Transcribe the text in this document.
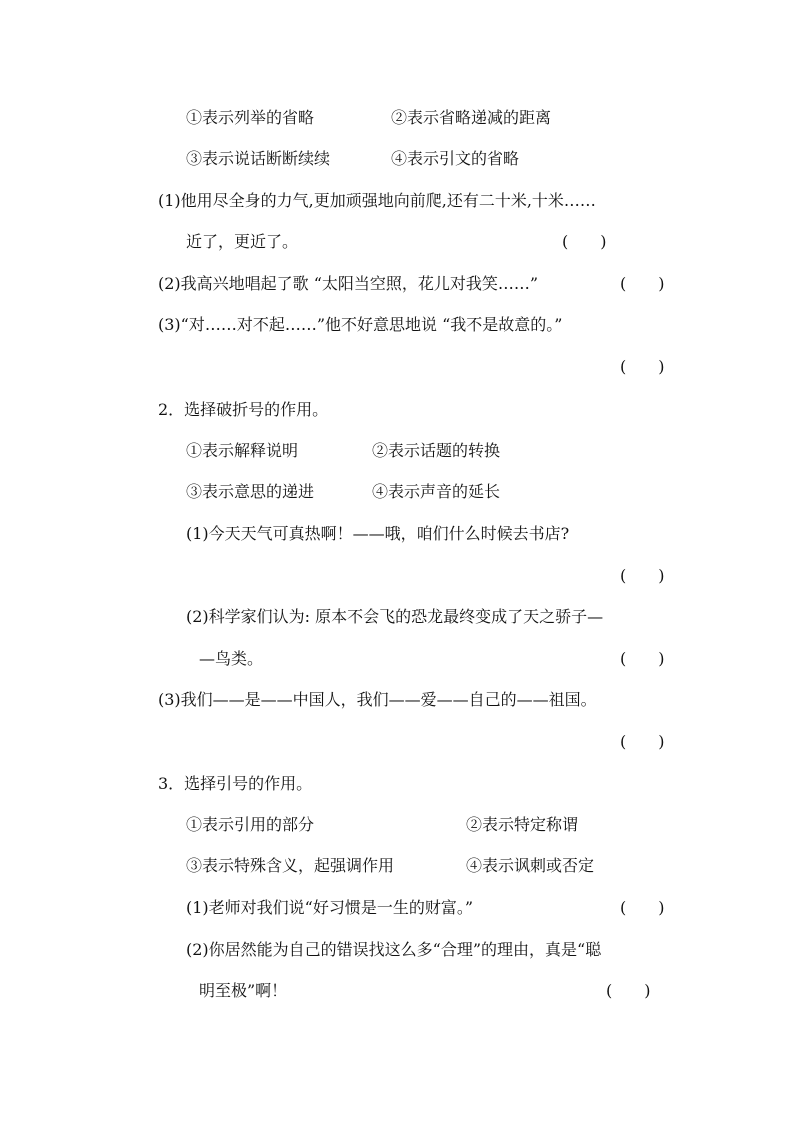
①表示列举的省略	②表示省略递减的距离
③表示说话断断续续	④表示引文的省略
(1)他用尽全身的力气,更加顽强地向前爬,还有二十米,十米……
近了，更近了。	(　　)
(2)我高兴地唱起了歌 “太阳当空照，花儿对我笑……”	(　　)
(3)“对……对不起……”他不好意思地说 “我不是故意的。”
(　　)
2．选择破折号的作用。
①表示解释说明	②表示话题的转换
③表示意思的递进	④表示声音的延长
(1)今天天气可真热啊！——哦，咱们什么时候去书店?
(　　)
(2)科学家们认为: 原本不会飞的恐龙最终变成了天之骄子—
—鸟类。	(　　)
(3)我们——是——中国人，我们——爱——自己的——祖国。
(　　)
3．选择引号的作用。
①表示引用的部分	②表示特定称谓
③表示特殊含义，起强调作用	④表示讽刺或否定
(1)老师对我们说“好习惯是一生的财富。”	(　　)
(2)你居然能为自己的错误找这么多“合理”的理由，真是“聪
明至极”啊！	(　　)
